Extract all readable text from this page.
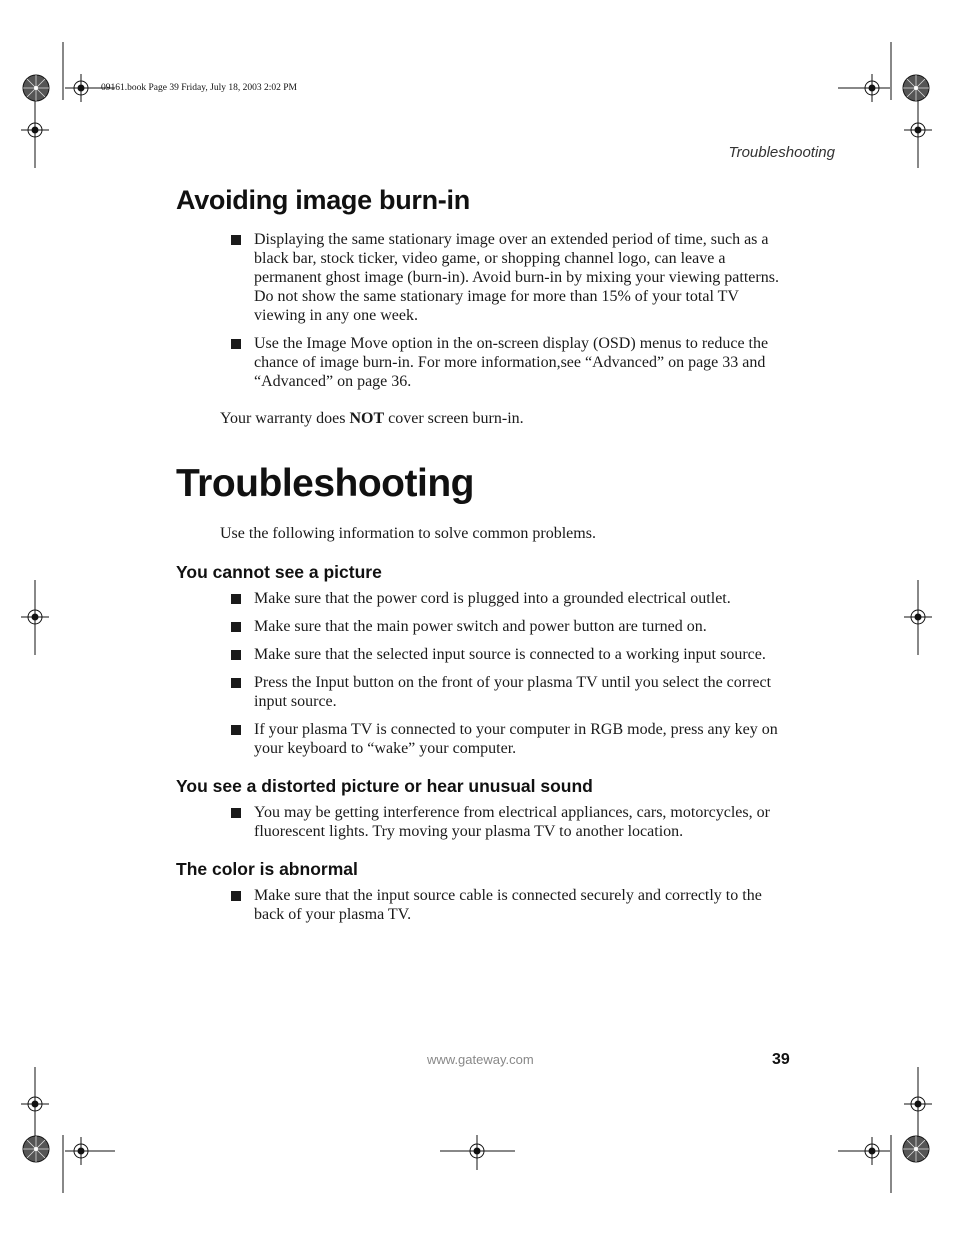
09161.book Page 39 Friday, July 18, 2003 2:02 PM
Troubleshooting
Avoiding image burn-in
Displaying the same stationary image over an extended period of time, such as a black bar, stock ticker, video game, or shopping channel logo, can leave a permanent ghost image (burn-in). Avoid burn-in by mixing your viewing patterns. Do not show the same stationary image for more than 15% of your total TV viewing in any one week.
Use the Image Move option in the on-screen display (OSD) menus to reduce the chance of image burn-in. For more information,see “Advanced” on page 33 and “Advanced” on page 36.

Your warranty does NOT cover screen burn-in.

Troubleshooting

Use the following information to solve common problems.

You cannot see a picture
Make sure that the power cord is plugged into a grounded electrical outlet.
Make sure that the main power switch and power button are turned on.
Make sure that the selected input source is connected to a working input source.
Press the Input button on the front of your plasma TV until you select the correct input source.
If your plasma TV is connected to your computer in RGB mode, press any key on your keyboard to “wake” your computer.
You see a distorted picture or hear unusual sound
You may be getting interference from electrical appliances, cars, motorcycles, or fluorescent lights. Try moving your plasma TV to another location.
The color is abnormal
Make sure that the input source cable is connected securely and correctly to the back of your plasma TV.
www.gateway.com	39
